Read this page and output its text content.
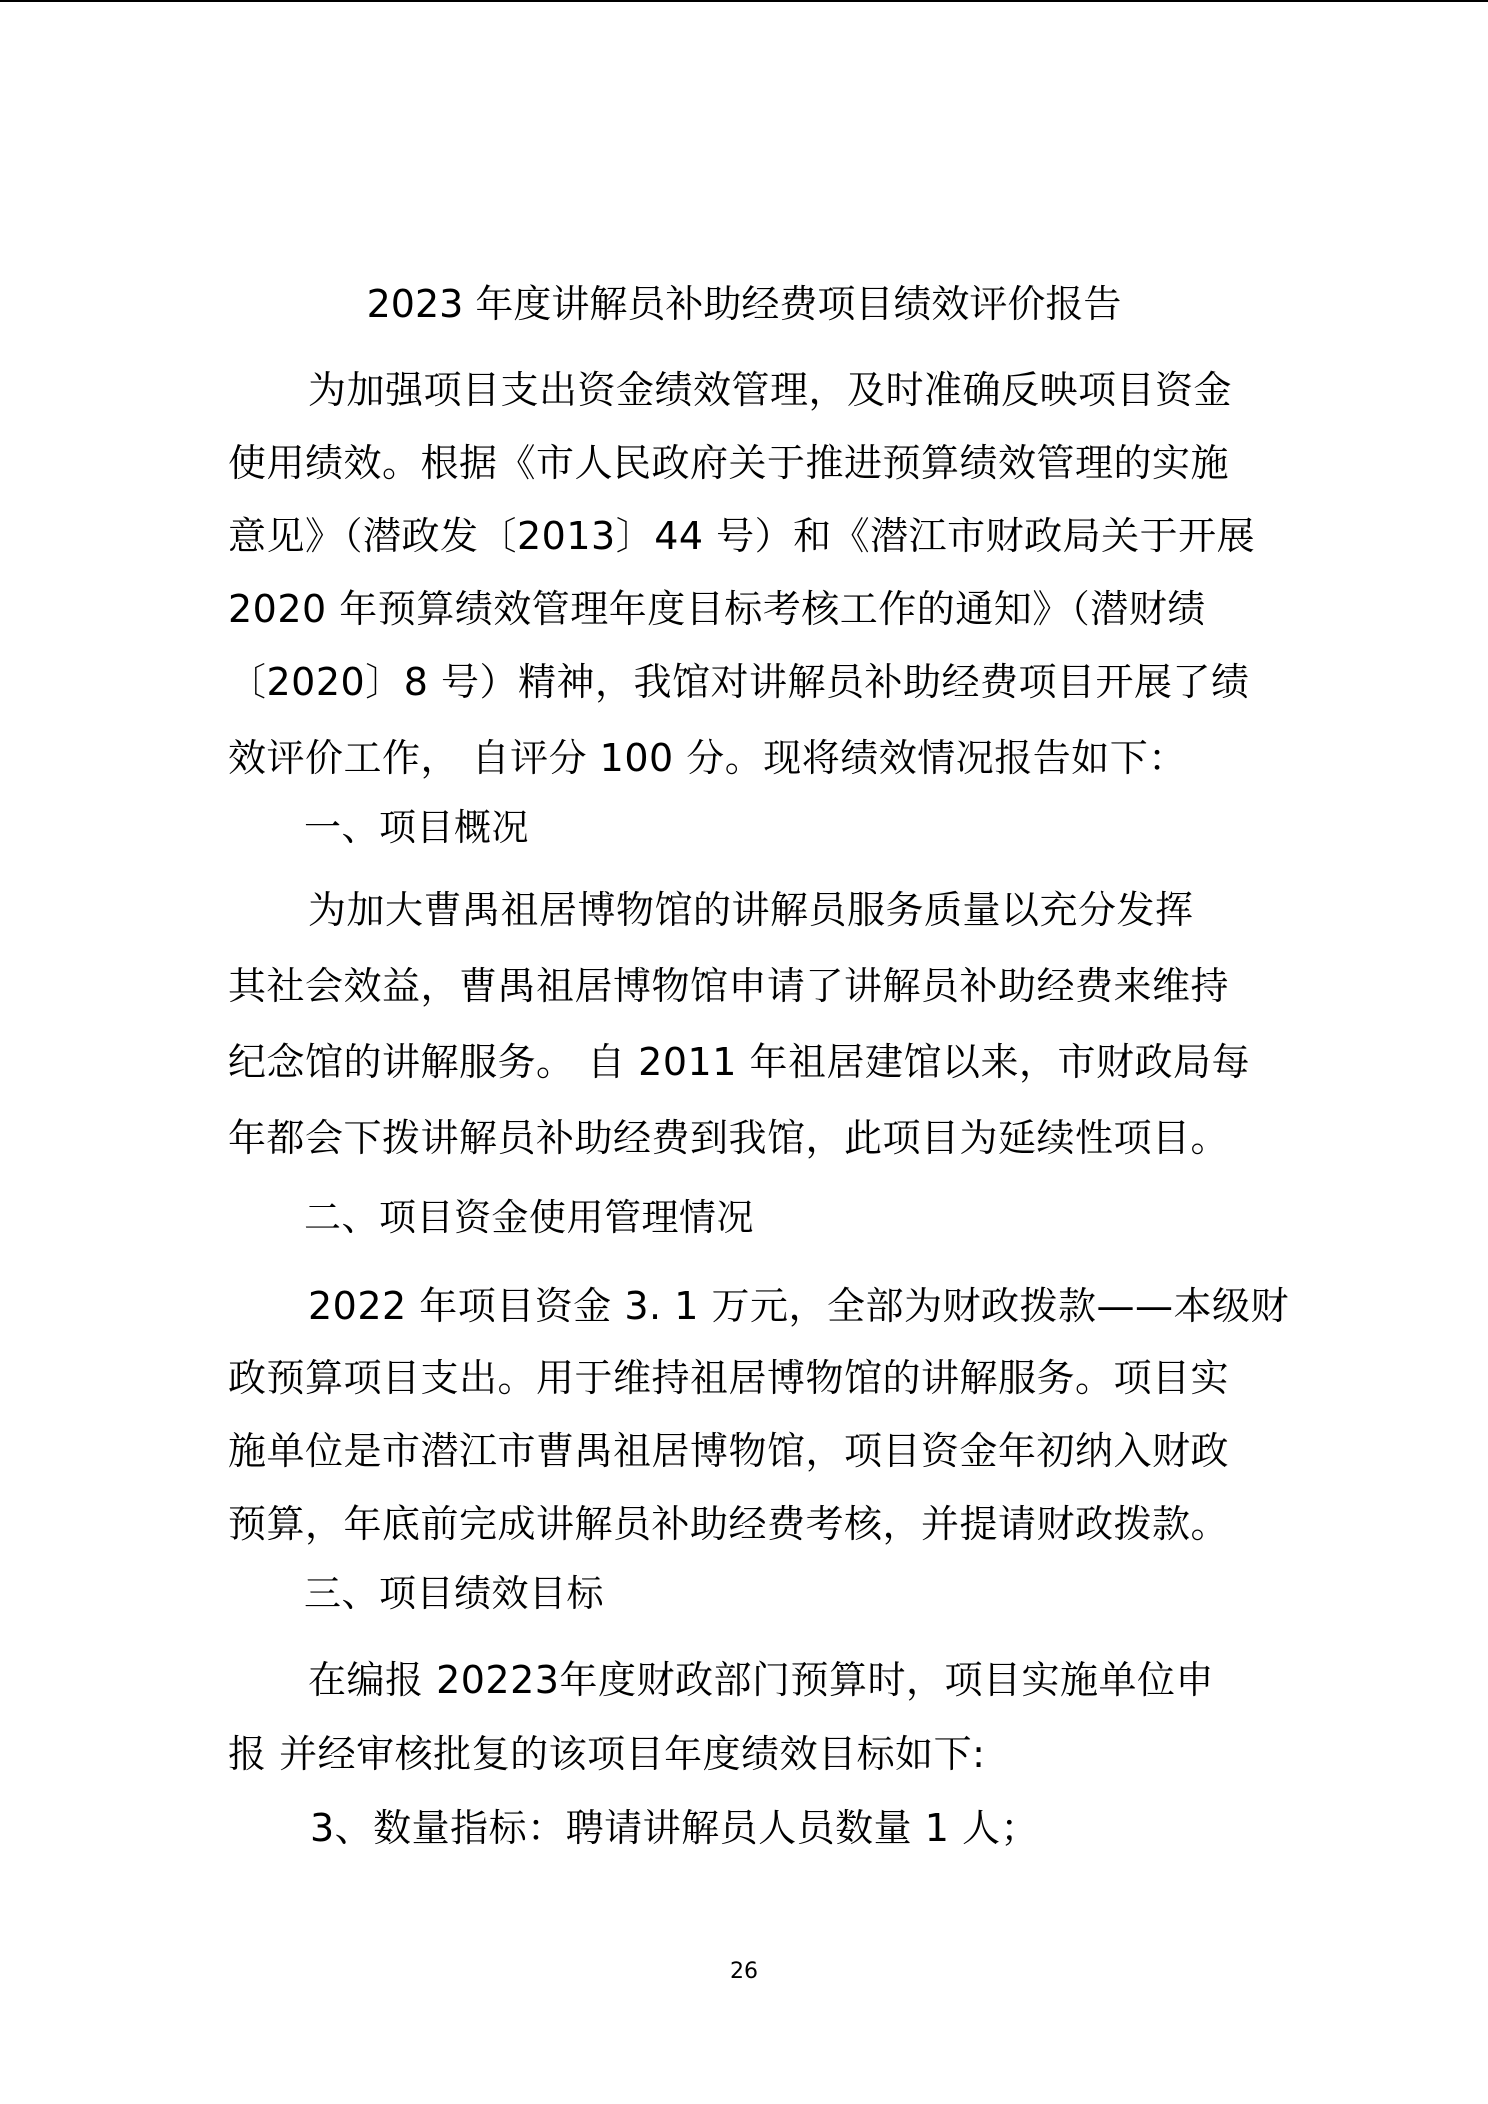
2023 年度讲解员补助经费项目绩效评价报告
为加强项目支出资金绩效管理，及时准确反映项目资金
使用绩效。根据《市人民政府关于推进预算绩效管理的实施
意见》（潜政发〔2013〕44 号）和《潜江市财政局关于开展
2020 年预算绩效管理年度目标考核工作的通知》（潜财绩
〔2020〕8 号）精神，我馆对讲解员补助经费项目开展了绩
效评价工作， 自评分 100 分。现将绩效情况报告如下：
一、项目概况
为加大曹禺祖居博物馆的讲解员服务质量以充分发挥
其社会效益，曹禺祖居博物馆申请了讲解员补助经费来维持
纪念馆的讲解服务。 自 2011 年祖居建馆以来，市财政局每
年都会下拨讲解员补助经费到我馆，此项目为延续性项目。
二、项目资金使用管理情况
2022 年项目资金 3. 1 万元，全部为财政拨款——本级财
政预算项目支出。用于维持祖居博物馆的讲解服务。项目实
施单位是市潜江市曹禺祖居博物馆，项目资金年初纳入财政
预算，年底前完成讲解员补助经费考核，并提请财政拨款。
三、项目绩效目标
在编报 20223年度财政部门预算时，项目实施单位申
报 并经审核批复的该项目年度绩效目标如下:
3、数量指标：聘请讲解员人员数量 1 人；
26
